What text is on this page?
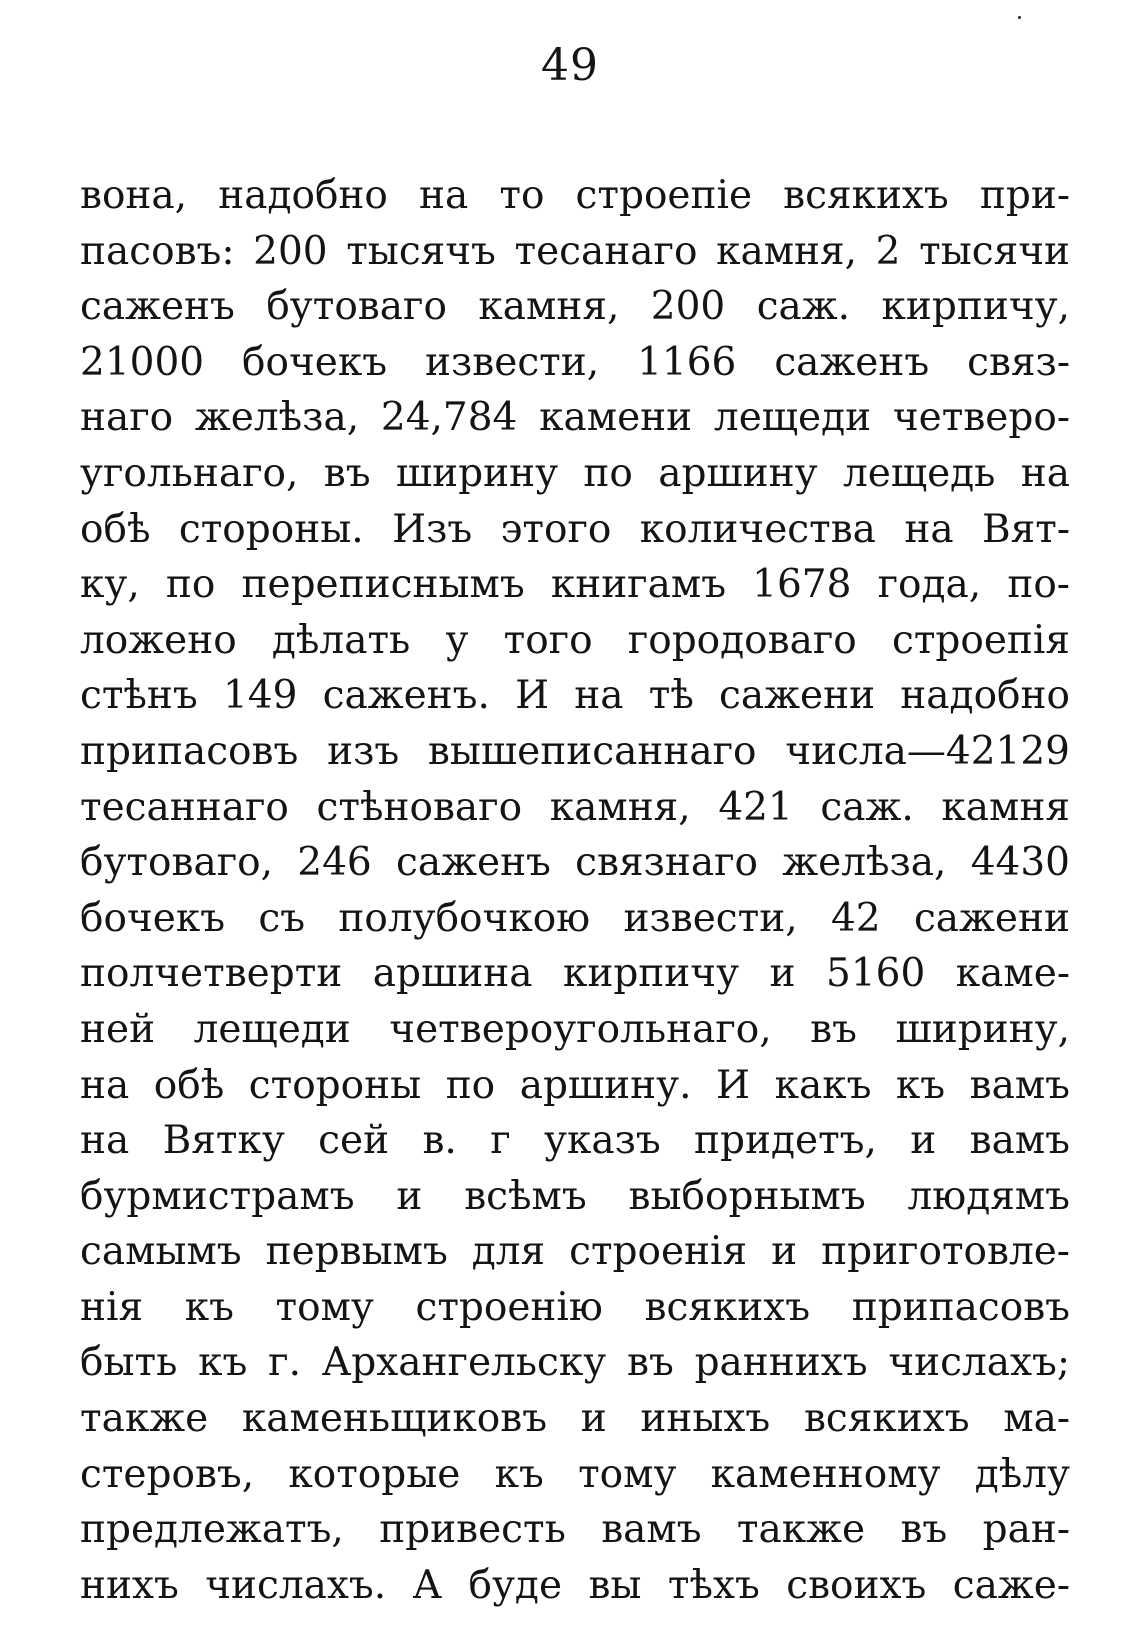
49
вона, надобно на то строепіе всякихъ при-
пасовъ: 200 тысячъ тесанаго камня, 2 тысячи
саженъ бутоваго камня, 200 саж. кирпичу,
21000 бочекъ извести, 1166 саженъ связ-
наго желѣза, 24,784 камени лещеди четверо-
угольнаго, въ ширину по аршину лещедь на
обѣ стороны. Изъ этого количества на Вят-
ку, по переписнымъ книгамъ 1678 года, по-
ложено дѣлать у того городоваго строепія
стѣнъ 149 саженъ. И на тѣ сажени надобно
припасовъ изъ вышеписаннаго числа—42129
тесаннаго стѣноваго камня, 421 саж. камня
бутоваго, 246 саженъ связнаго желѣза, 4430
бочекъ съ полубочкою извести, 42 сажени
полчетверти аршина кирпичу и 5160 каме-
ней лещеди четвероугольнаго, въ ширину,
на обѣ стороны по аршину. И какъ къ вамъ
на Вятку сей в. г указъ придетъ, и вамъ
бурмистрамъ и всѣмъ выборнымъ людямъ
самымъ первымъ для строенія и приготовле-
нія къ тому строенію всякихъ припасовъ
быть къ г. Архангельску въ раннихъ числахъ;
также каменьщиковъ и иныхъ всякихъ ма-
стеровъ, которые къ тому каменному дѣлу
предлежатъ, привесть вамъ также въ ран-
нихъ числахъ. А буде вы тѣхъ своихъ саже-
